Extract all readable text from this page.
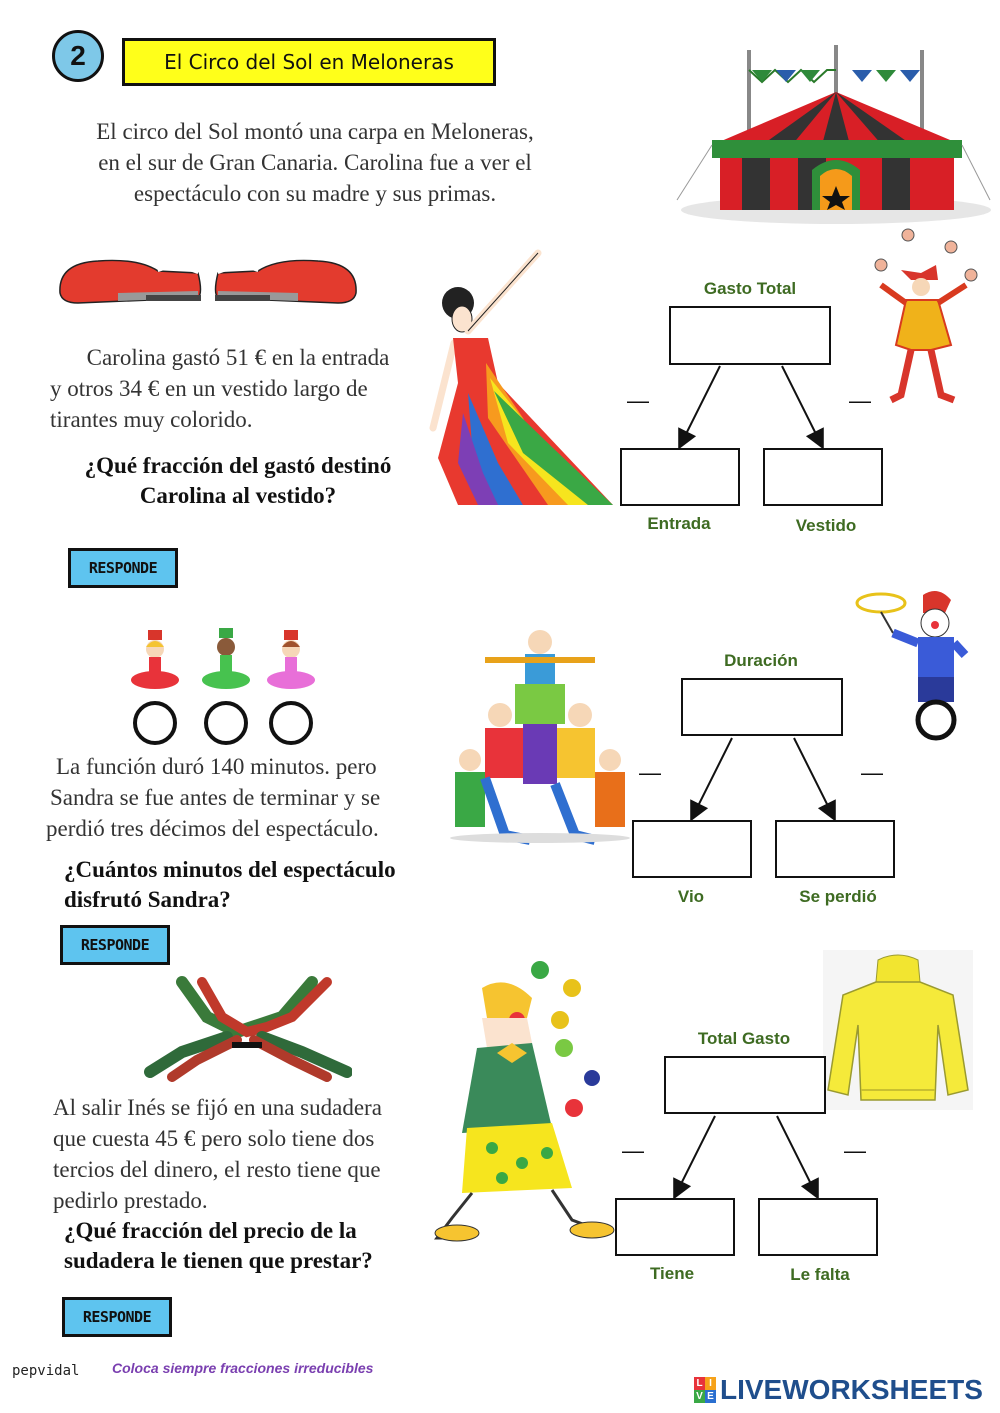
2	El Circo del Sol en Meloneras
El circo del Sol montó una carpa en Meloneras,
en el sur de Gran Canaria. Carolina fue a ver el
espectáculo con su madre y sus primas.
Carolina gastó 51 € en la entrada
y otros 34 € en un vestido largo de
tirantes muy colorido.
¿Qué fracción del gastó destinó
Carolina al vestido?
RESPONDE
Gasto Total
Entrada	Vestido
—	—
La función duró 140 minutos. pero
Sandra se fue antes de terminar y se
perdió tres décimos del espectáculo.
¿Cuántos minutos del espectáculo
disfrutó Sandra?
RESPONDE
Duración
Vio	Se perdió
—	—
Al salir Inés se fijó en una sudadera
que cuesta 45 € pero solo tiene dos
tercios del dinero, el resto tiene que
pedirlo prestado.
¿Qué fracción del precio de la
sudadera le tienen que prestar?
RESPONDE
Total Gasto
Tiene	Le falta
—	—
pepvidal Coloca siempre fracciones irreducibles
L I
V E LIVEWORKSHEETS
